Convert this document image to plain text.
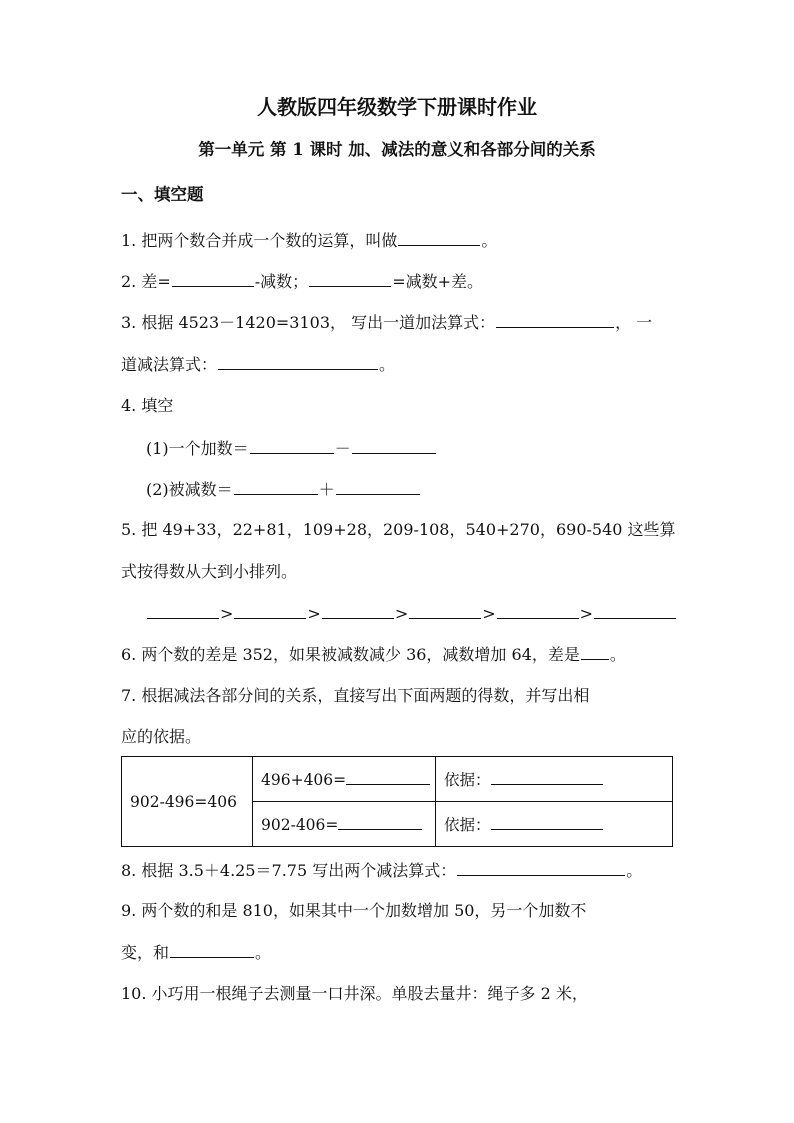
人教版四年级数学下册课时作业
第一单元 第 1 课时 加、减法的意义和各部分间的关系
一、填空题
1. 把两个数合并成一个数的运算，叫做	。
2. 差=	-减数；	=减数+差。
3. 根据 4523－1420=3103， 写出一道加法算式：	， 一
道减法算式：	。
4. 填空
(1)一个加数＝	－
(2)被减数＝	＋
5. 把 49+33，22+81，109+28，209-108，540+270，690-540 这些算
式按得数从大到小排列。
>	>	>	>	>
6. 两个数的差是 352，如果被减数减少 36，减数增加 64，差是 。
7. 根据减法各部分间的关系，直接写出下面两题的得数，并写出相
应的依据。
902-496=406	496+406=	依据：
	902-406=	依据：
8. 根据 3.5＋4.25＝7.75 写出两个减法算式：	。
9. 两个数的和是 810，如果其中一个加数增加 50，另一个加数不
变，和	。
10. 小巧用一根绳子去测量一口井深。单股去量井：绳子多 2 米，
